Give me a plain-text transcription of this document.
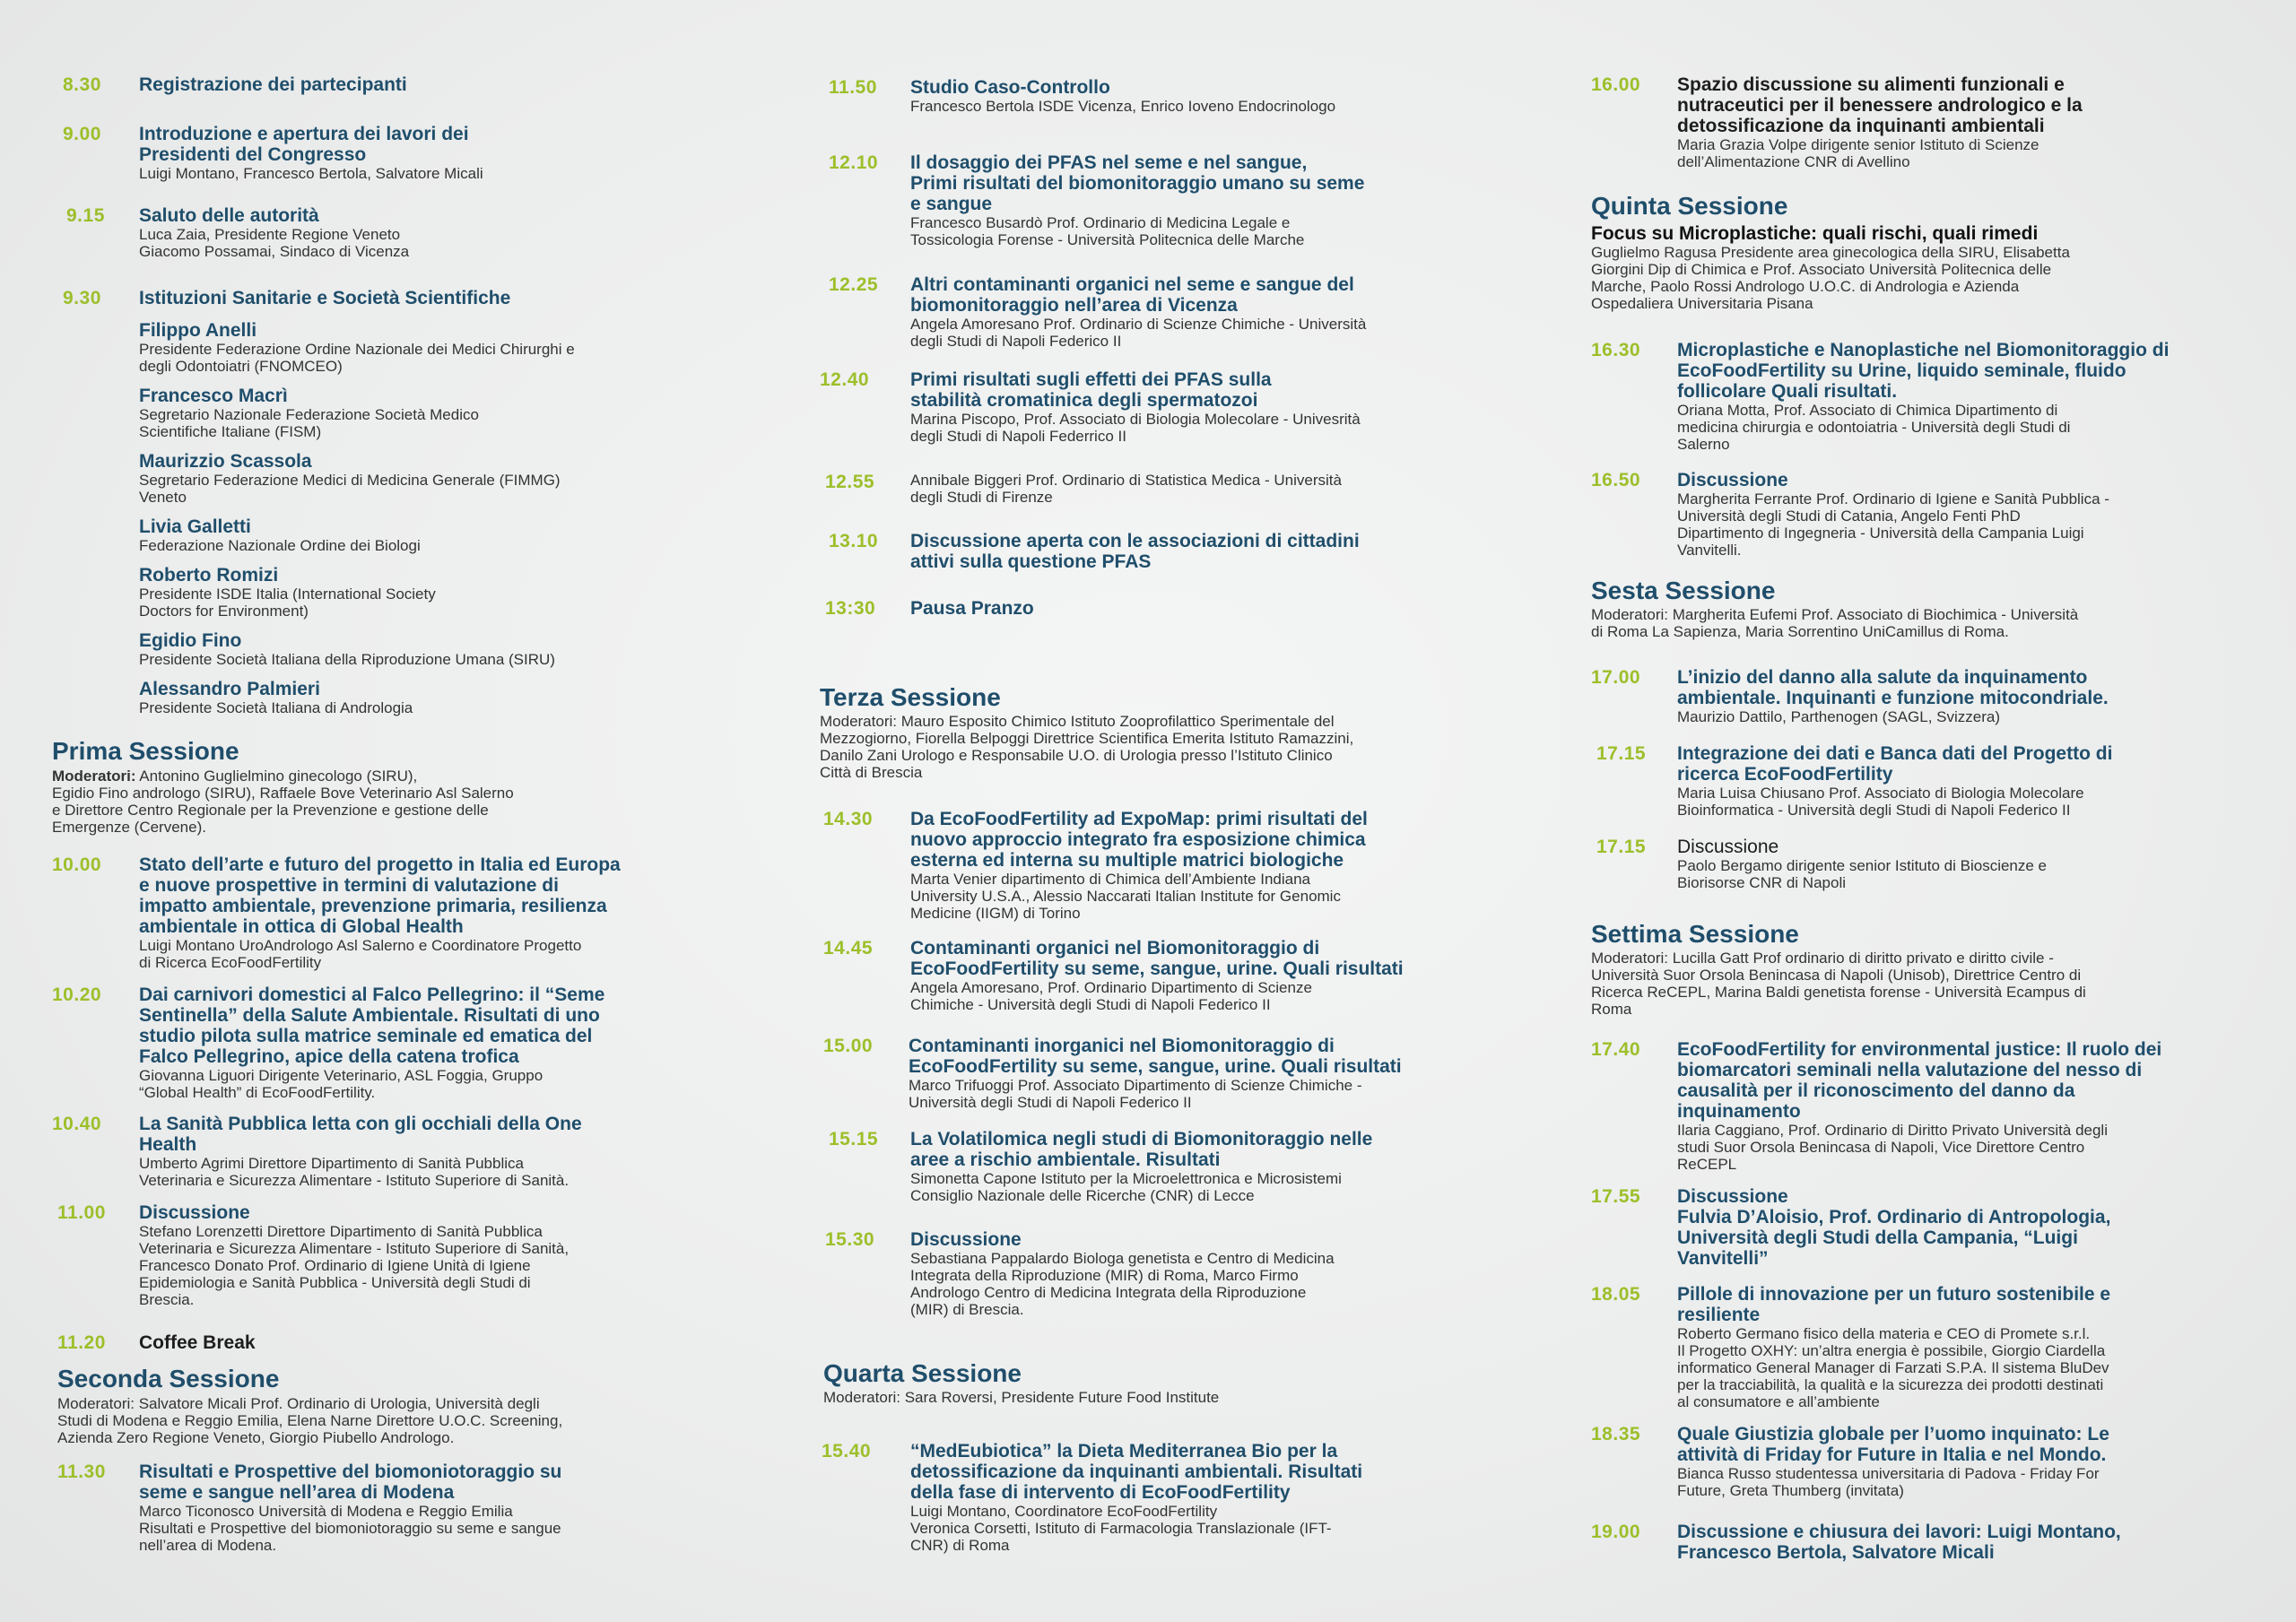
8.30 Registrazione dei partecipanti
9.00 Introduzione e apertura dei lavori dei
Presidenti del Congresso
Luigi Montano, Francesco Bertola, Salvatore Micali
9.15 Saluto delle autorità
Luca Zaia, Presidente Regione Veneto
Giacomo Possamai, Sindaco di Vicenza
9.30 Istituzioni Sanitarie e Società Scientifiche
Filippo Anelli
Presidente Federazione Ordine Nazionale dei Medici Chirurghi e
degli Odontoiatri (FNOMCEO)
Francesco Macrì
Segretario Nazionale Federazione Società Medico
Scientifiche Italiane (FISM)
Maurizzio Scassola
Segretario Federazione Medici di Medicina Generale (FIMMG)
Veneto
Livia Galletti
Federazione Nazionale Ordine dei Biologi
Roberto Romizi
Presidente ISDE Italia (International Society
Doctors for Environment)
Egidio Fino
Presidente Società Italiana della Riproduzione Umana (SIRU)
Alessandro Palmieri
Presidente Società Italiana di Andrologia
Prima Sessione
Moderatori: Antonino Guglielmino ginecologo (SIRU),
Egidio Fino andrologo (SIRU), Raffaele Bove Veterinario Asl Salerno
e Direttore Centro Regionale per la Prevenzione e gestione delle
Emergenze (Cervene).
10.00 Stato dell’arte e futuro del progetto in Italia ed Europa
e nuove prospettive in termini di valutazione di
impatto ambientale, prevenzione primaria, resilienza
ambientale in ottica di Global Health
Luigi Montano UroAndrologo Asl Salerno e Coordinatore Progetto
di Ricerca EcoFoodFertility
10.20 Dai carnivori domestici al Falco Pellegrino: il “Seme
Sentinella” della Salute Ambientale. Risultati di uno
studio pilota sulla matrice seminale ed ematica del
Falco Pellegrino, apice della catena trofica
Giovanna Liguori Dirigente Veterinario, ASL Foggia, Gruppo
“Global Health” di EcoFoodFertility.
10.40 La Sanità Pubblica letta con gli occhiali della One
Health
Umberto Agrimi Direttore Dipartimento di Sanità Pubblica
Veterinaria e Sicurezza Alimentare - Istituto Superiore di Sanità.
11.00 Discussione
Stefano Lorenzetti Direttore Dipartimento di Sanità Pubblica
Veterinaria e Sicurezza Alimentare - Istituto Superiore di Sanità,
Francesco Donato Prof. Ordinario di Igiene Unità di Igiene
Epidemiologia e Sanità Pubblica - Università degli Studi di
Brescia.
11.20 Coffee Break
Seconda Sessione
Moderatori: Salvatore Micali Prof. Ordinario di Urologia, Università degli
Studi di Modena e Reggio Emilia, Elena Narne Direttore U.O.C. Screening,
Azienda Zero Regione Veneto, Giorgio Piubello Andrologo.
11.30 Risultati e Prospettive del biomoniotoraggio su
seme e sangue nell’area di Modena
Marco Ticonosco Università di Modena e Reggio Emilia
Risultati e Prospettive del biomoniotoraggio su seme e sangue
nell’area di Modena.
11.50 Studio Caso-Controllo
Francesco Bertola ISDE Vicenza, Enrico Ioveno Endocrinologo
12.10 Il dosaggio dei PFAS nel seme e nel sangue,
Primi risultati del biomonitoraggio umano su seme
e sangue
Francesco Busardò Prof. Ordinario di Medicina Legale e
Tossicologia Forense - Università Politecnica delle Marche
12.25 Altri contaminanti organici nel seme e sangue del
biomonitoraggio nell’area di Vicenza
Angela Amoresano Prof. Ordinario di Scienze Chimiche - Università
degli Studi di Napoli Federico II
12.40 Primi risultati sugli effetti dei PFAS sulla
stabilità cromatinica degli spermatozoi
Marina Piscopo, Prof. Associato di Biologia Molecolare - Univesrità
degli Studi di Napoli Federrico II
12.55 Annibale Biggeri Prof. Ordinario di Statistica Medica - Università
degli Studi di Firenze
13.10 Discussione aperta con le associazioni di cittadini
attivi sulla questione PFAS
13:30 Pausa Pranzo
Terza Sessione
Moderatori: Mauro Esposito Chimico Istituto Zooprofilattico Sperimentale del
Mezzogiorno, Fiorella Belpoggi Direttrice Scientifica Emerita Istituto Ramazzini,
Danilo Zani Urologo e Responsabile U.O. di Urologia presso l’Istituto Clinico
Città di Brescia
14.30 Da EcoFoodFertility ad ExpoMap: primi risultati del
nuovo approccio integrato fra esposizione chimica
esterna ed interna su multiple matrici biologiche
Marta Venier dipartimento di Chimica dell’Ambiente Indiana
University U.S.A., Alessio Naccarati Italian Institute for Genomic
Medicine (IIGM) di Torino
14.45 Contaminanti organici nel Biomonitoraggio di
EcoFoodFertility su seme, sangue, urine. Quali risultati
Angela Amoresano, Prof. Ordinario Dipartimento di Scienze
Chimiche - Università degli Studi di Napoli Federico II
15.00 Contaminanti inorganici nel Biomonitoraggio di
EcoFoodFertility su seme, sangue, urine. Quali risultati
Marco Trifuoggi Prof. Associato Dipartimento di Scienze Chimiche -
Università degli Studi di Napoli Federico II
15.15 La Volatilomica negli studi di Biomonitoraggio nelle
aree a rischio ambientale. Risultati
Simonetta Capone Istituto per la Microelettronica e Microsistemi
Consiglio Nazionale delle Ricerche (CNR) di Lecce
15.30 Discussione
Sebastiana Pappalardo Biologa genetista e Centro di Medicina
Integrata della Riproduzione (MIR) di Roma, Marco Firmo
Andrologo Centro di Medicina Integrata della Riproduzione
(MIR) di Brescia.
Quarta Sessione
Moderatori: Sara Roversi, Presidente Future Food Institute
15.40 “MedEubiotica” la Dieta Mediterranea Bio per la
detossificazione da inquinanti ambientali. Risultati
della fase di intervento di EcoFoodFertility
Luigi Montano, Coordinatore EcoFoodFertility
Veronica Corsetti, Istituto di Farmacologia Translazionale (IFT-
CNR) di Roma
16.00 Spazio discussione su alimenti funzionali e
nutraceutici per il benessere andrologico e la
detossificazione da inquinanti ambientali
Maria Grazia Volpe dirigente senior Istituto di Scienze
dell’Alimentazione CNR di Avellino
Quinta Sessione
Focus su Microplastiche: quali rischi, quali rimedi
Guglielmo Ragusa Presidente area ginecologica della SIRU, Elisabetta
Giorgini Dip di Chimica e Prof. Associato Università Politecnica delle
Marche, Paolo Rossi Andrologo U.O.C. di Andrologia e Azienda
Ospedaliera Universitaria Pisana
16.30 Microplastiche e Nanoplastiche nel Biomonitoraggio di
EcoFoodFertility su Urine, liquido seminale, fluido
follicolare Quali risultati.
Oriana Motta, Prof. Associato di Chimica Dipartimento di
medicina chirurgia e odontoiatria - Università degli Studi di
Salerno
16.50 Discussione
Margherita Ferrante Prof. Ordinario di Igiene e Sanità Pubblica -
Università degli Studi di Catania, Angelo Fenti PhD
Dipartimento di Ingegneria - Università della Campania Luigi
Vanvitelli.
Sesta Sessione
Moderatori: Margherita Eufemi Prof. Associato di Biochimica - Università
di Roma La Sapienza, Maria Sorrentino UniCamillus di Roma.
17.00 L’inizio del danno alla salute da inquinamento
ambientale. Inquinanti e funzione mitocondriale.
Maurizio Dattilo, Parthenogen (SAGL, Svizzera)
17.15 Integrazione dei dati e Banca dati del Progetto di
ricerca EcoFoodFertility
Maria Luisa Chiusano Prof. Associato di Biologia Molecolare
Bioinformatica - Università degli Studi di Napoli Federico II
17.15 Discussione
Paolo Bergamo dirigente senior Istituto di Bioscienze e
Biorisorse CNR di Napoli
Settima Sessione
Moderatori: Lucilla Gatt Prof ordinario di diritto privato e diritto civile -
Università Suor Orsola Benincasa di Napoli (Unisob), Direttrice Centro di
Ricerca ReCEPL, Marina Baldi genetista forense - Università Ecampus di
Roma
17.40 EcoFoodFertility for environmental justice: Il ruolo dei
biomarcatori seminali nella valutazione del nesso di
causalità per il riconoscimento del danno da
inquinamento
Ilaria Caggiano, Prof. Ordinario di Diritto Privato Università degli
studi Suor Orsola Benincasa di Napoli, Vice Direttore Centro
ReCEPL
17.55 Discussione
Fulvia D’Aloisio, Prof. Ordinario di Antropologia,
Università degli Studi della Campania, “Luigi
Vanvitelli”
18.05 Pillole di innovazione per un futuro sostenibile e
resiliente
Roberto Germano fisico della materia e CEO di Promete s.r.l.
Il Progetto OXHY: un’altra energia è possibile, Giorgio Ciardella
informatico General Manager di Farzati S.P.A. Il sistema BluDev
per la tracciabilità, la qualità e la sicurezza dei prodotti destinati
al consumatore e all’ambiente
18.35 Quale Giustizia globale per l’uomo inquinato: Le
attività di Friday for Future in Italia e nel Mondo.
Bianca Russo studentessa universitaria di Padova - Friday For
Future, Greta Thumberg (invitata)
19.00 Discussione e chiusura dei lavori: Luigi Montano,
Francesco Bertola, Salvatore Micali
